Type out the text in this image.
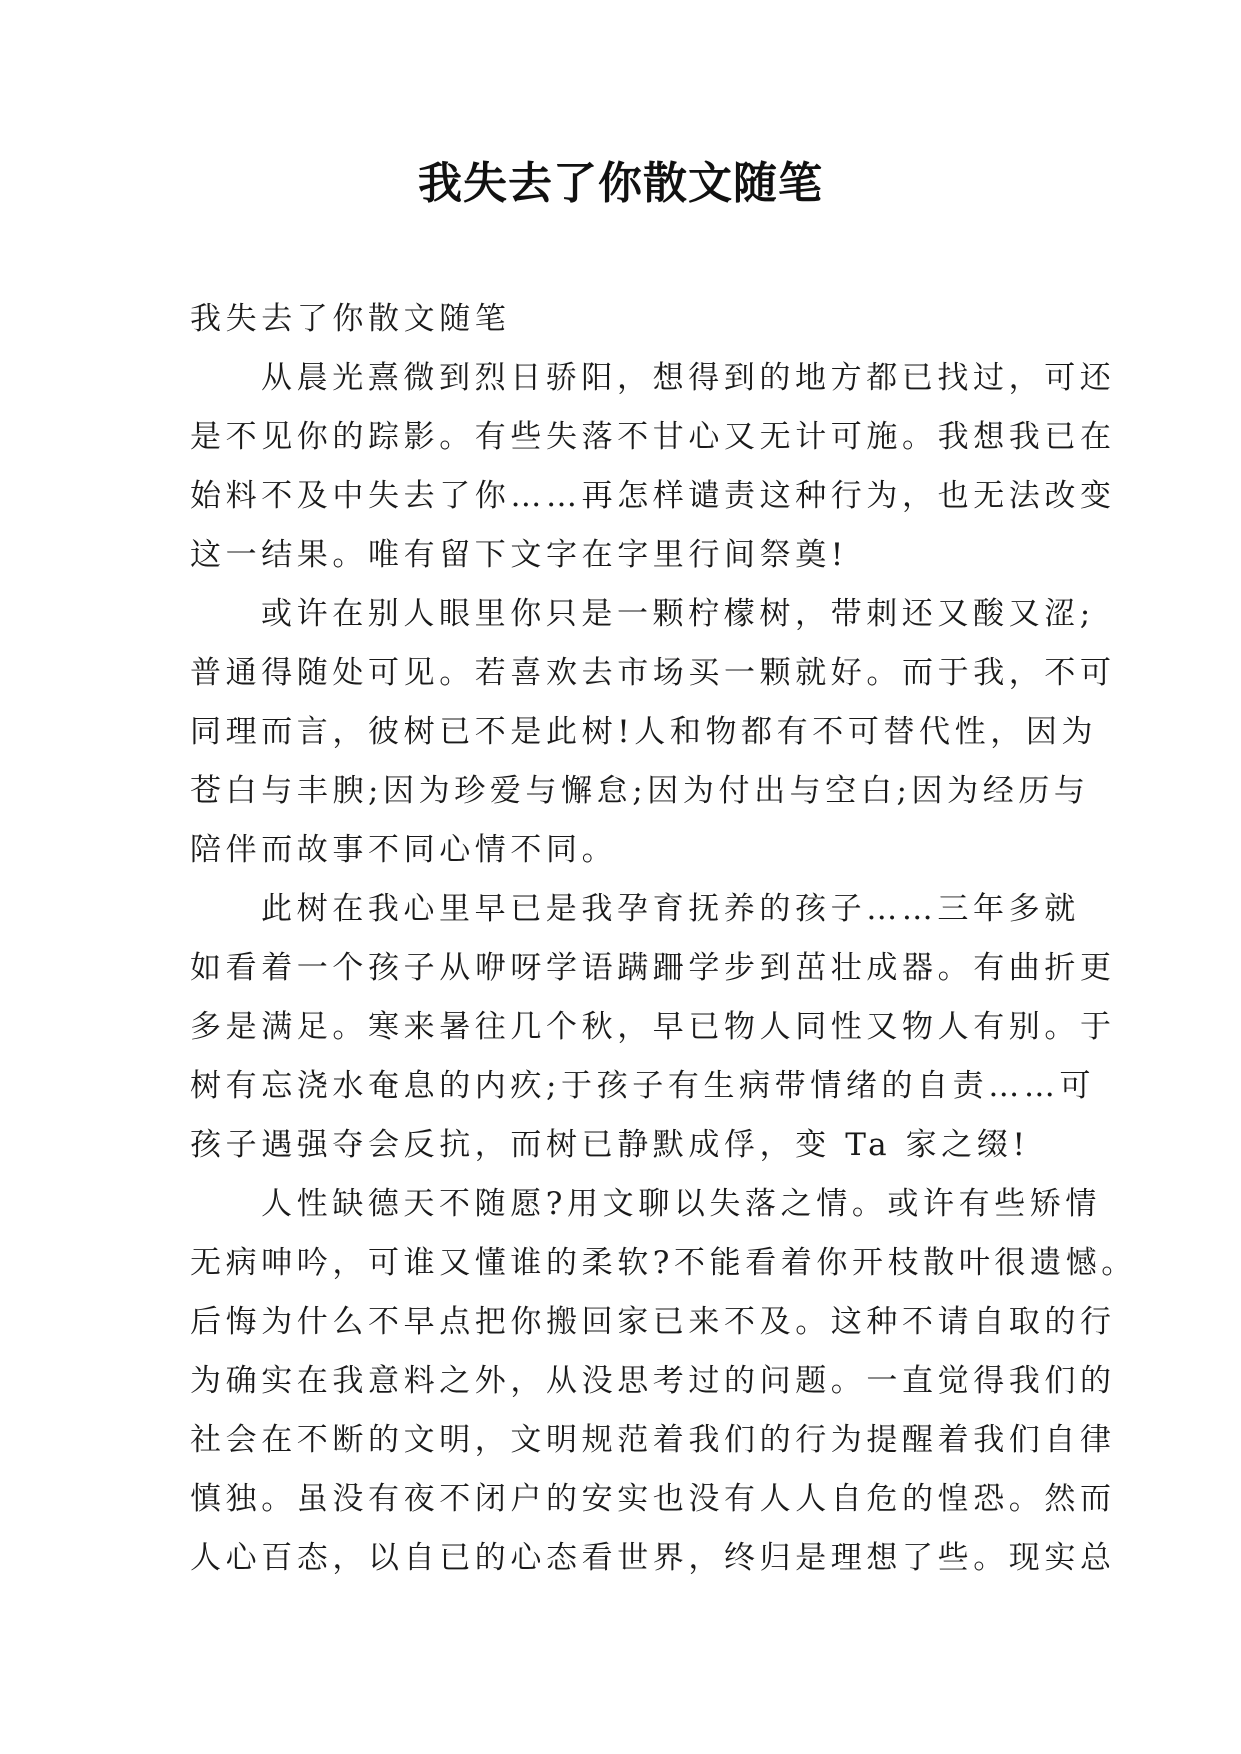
我失去了你散文随笔
我失去了你散文随笔
从晨光熹微到烈日骄阳，想得到的地方都已找过，可还
是不见你的踪影。有些失落不甘心又无计可施。我想我已在
始料不及中失去了你……再怎样谴责这种行为，也无法改变
这一结果。唯有留下文字在字里行间祭奠!
或许在别人眼里你只是一颗柠檬树，带刺还又酸又涩;
普通得随处可见。若喜欢去市场买一颗就好。而于我，不可
同理而言，彼树已不是此树!人和物都有不可替代性，因为
苍白与丰腴;因为珍爱与懈怠;因为付出与空白;因为经历与
陪伴而故事不同心情不同。
此树在我心里早已是我孕育抚养的孩子……三年多就
如看着一个孩子从咿呀学语蹒跚学步到茁壮成器。有曲折更
多是满足。寒来暑往几个秋，早已物人同性又物人有别。于
树有忘浇水奄息的内疚;于孩子有生病带情绪的自责……可
孩子遇强夺会反抗，而树已静默成俘，变 Ta 家之缀!
人性缺德天不随愿?用文聊以失落之情。或许有些矫情
无病呻吟，可谁又懂谁的柔软?不能看着你开枝散叶很遗憾。
后悔为什么不早点把你搬回家已来不及。这种不请自取的行
为确实在我意料之外，从没思考过的问题。一直觉得我们的
社会在不断的文明，文明规范着我们的行为提醒着我们自律
慎独。虽没有夜不闭户的安实也没有人人自危的惶恐。然而
人心百态，以自已的心态看世界，终归是理想了些。现实总
